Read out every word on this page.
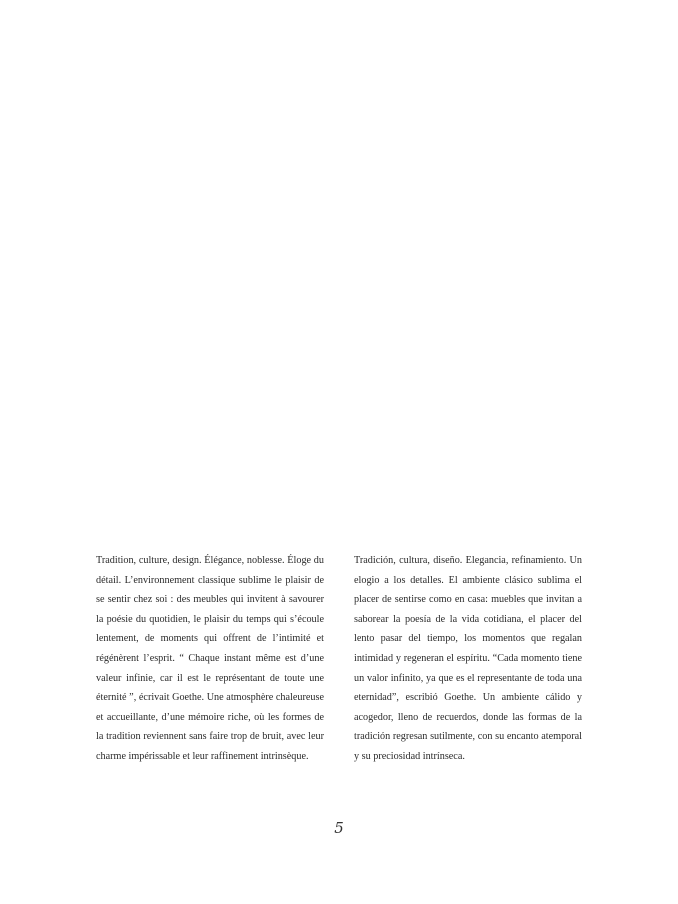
Tradition, culture, design. Élégance, noblesse. Éloge du détail. L’environnement classique sublime le plaisir de se sentir chez soi : des meubles qui invitent à savourer la poésie du quotidien, le plaisir du temps qui s’écoule lentement, de moments qui offrent de l’intimité et régénèrent l’esprit. “ Chaque instant même est d’une valeur infinie, car il est le représentant de toute une éternité ”, écrivait Goethe. Une atmosphère chaleureuse et accueillante, d’une mémoire riche, où les formes de la tradition reviennent sans faire trop de bruit, avec leur charme impérissable et leur raffinement intrinsèque.

Tradición, cultura, diseño. Elegancia, refinamiento. Un elogio a los detalles. El ambiente clásico sublima el placer de sentirse como en casa: muebles que invitan a saborear la poesía de la vida cotidiana, el placer del lento pasar del tiempo, los momentos que regalan intimidad y regeneran el espíritu. “Cada momento tiene un valor infinito, ya que es el representante de toda una eternidad”, escribió Goethe. Un ambiente cálido y acogedor, lleno de recuerdos, donde las formas de la tradición regresan sutilmente, con su encanto atemporal y su preciosidad intrínseca.

5
